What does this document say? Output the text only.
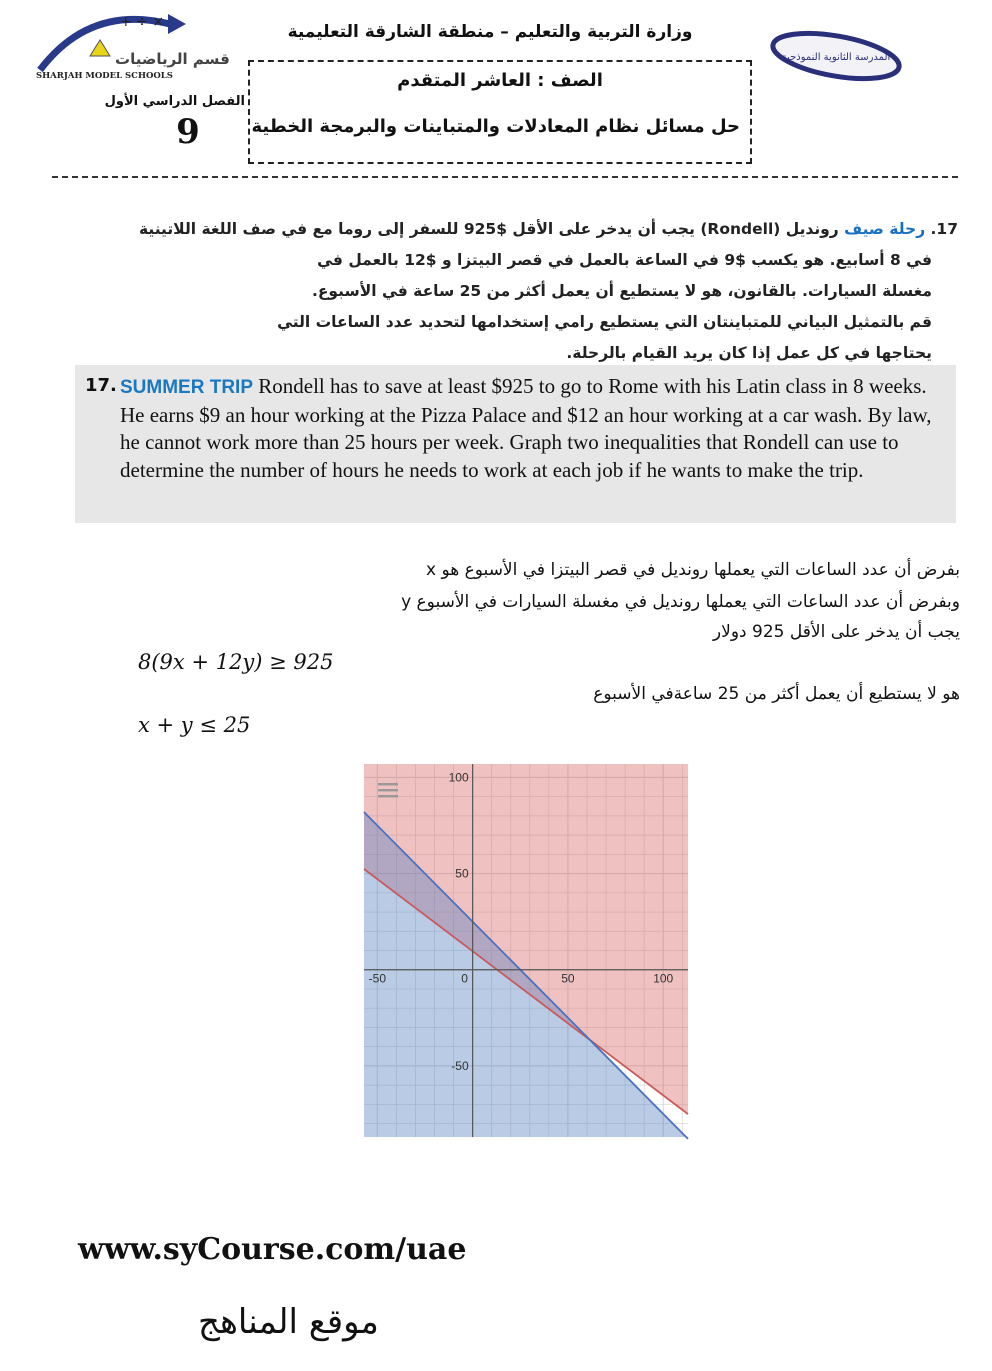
+ ÷ ×
قسم الرياضيات
SHARJAH MODEL SCHOOLS
وزارة التربية والتعليم – منطقة الشارقة التعليمية
المدرسة الثانوية النموذجية
الصف : العاشر المتقدم
حل مسائل نظام المعادلات والمتباينات والبرمجة الخطية
الفصل الدراسي الأول
9
17. رحلة صيف رونديل (Rondell) يجب أن يدخر على الأقل $925 للسفر إلى روما مع في صف اللغة اللاتينية
في 8 أسابيع. هو يكسب $9 في الساعة بالعمل في قصر البيتزا و $12 بالعمل في
مغسلة السيارات. بالقانون، هو لا يستطيع أن يعمل أكثر من 25 ساعة في الأسبوع.
قم بالتمثيل البياني للمتباينتان التي يستطيع رامي إستخدامها لتحديد عدد الساعات التي
يحتاجها في كل عمل إذا كان يريد القيام بالرحلة.
17. SUMMER TRIP Rondell has to save at least $925 to go to Rome with his Latin class in 8 weeks. He earns $9 an hour working at the Pizza Palace and $12 an hour working at a car wash. By law, he cannot work more than 25 hours per week. Graph two inequalities that Rondell can use to determine the number of hours he needs to work at each job if he wants to make the trip.
بفرض أن عدد الساعات التي يعملها رونديل في قصر البيتزا في الأسبوع هو x
وبفرض أن عدد الساعات التي يعملها رونديل في مغسلة السيارات في الأسبوع y
يجب أن يدخر على الأقل 925 دولار
8(9x + 12y) ≥ 925
هو لا يستطيع أن يعمل أكثر من 25 ساعةفي الأسبوع
x + y ≤ 25
-50	0	50	100
100
50
-50
www.syCourse.com/uae
موقع المناهج
